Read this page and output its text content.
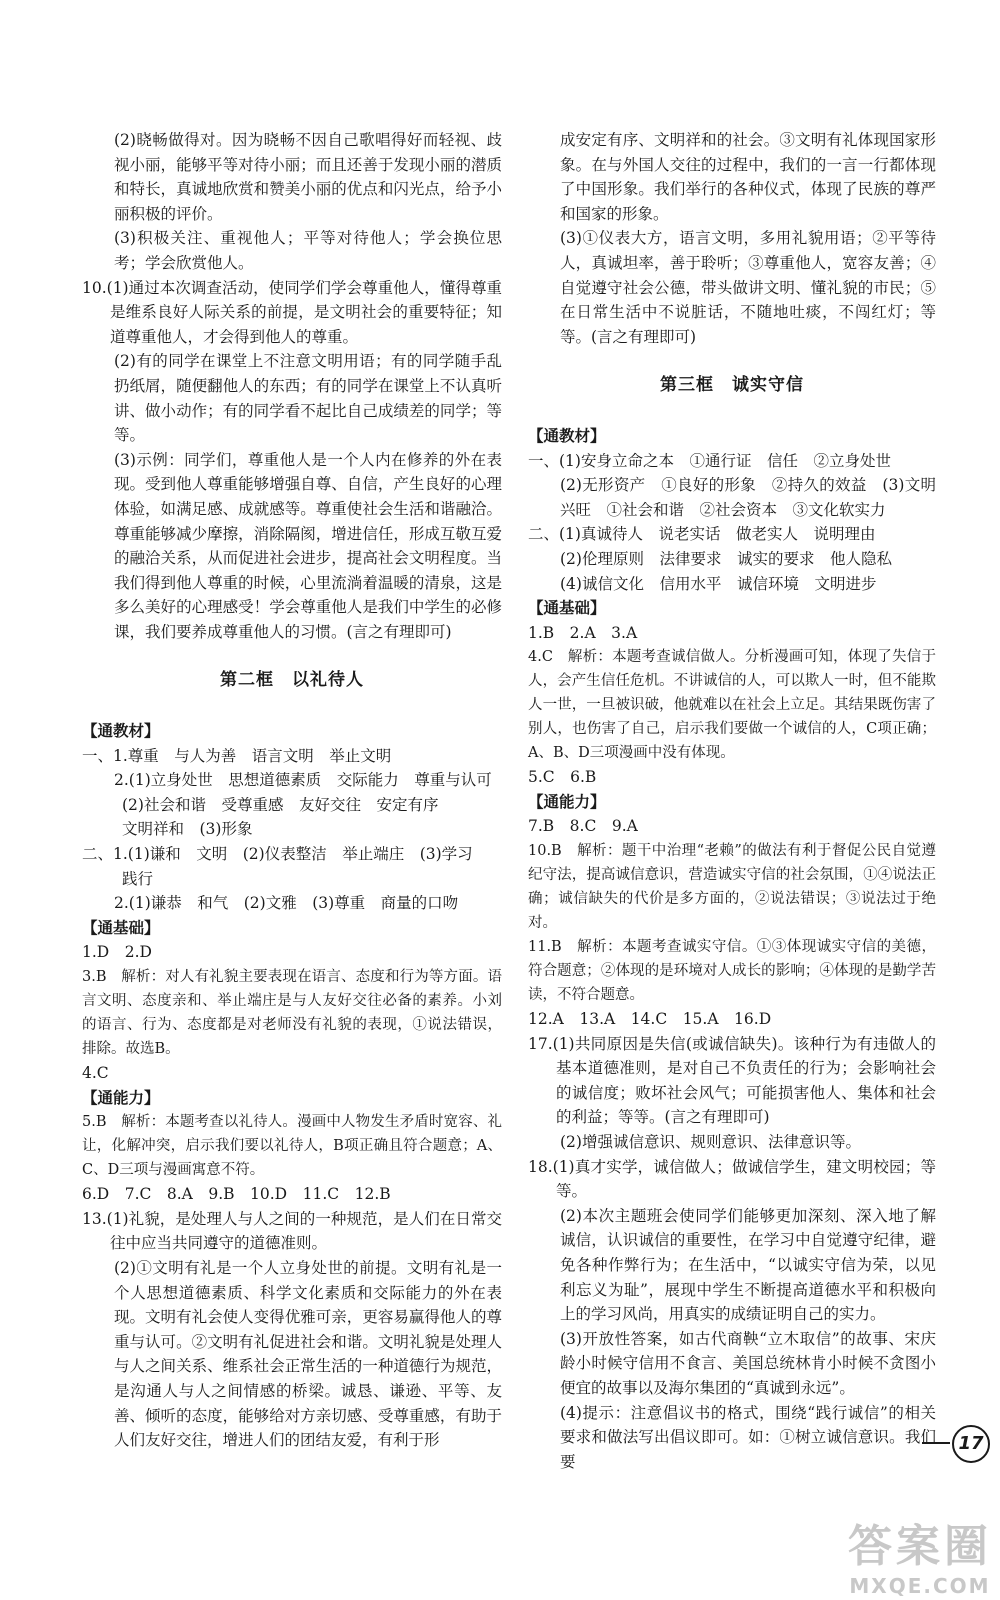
(2)晓畅做得对。因为晓畅不因自己歌唱得好而轻视、歧视小丽，能够平等对待小丽；而且还善于发现小丽的潜质和特长，真诚地欣赏和赞美小丽的优点和闪光点，给予小丽积极的评价。

(3)积极关注、重视他人；平等对待他人；学会换位思考；学会欣赏他人。

10.(1)通过本次调查活动，使同学们学会尊重他人，懂得尊重是维系良好人际关系的前提，是文明社会的重要特征；知道尊重他人，才会得到他人的尊重。

(2)有的同学在课堂上不注意文明用语；有的同学随手乱扔纸屑，随便翻他人的东西；有的同学在课堂上不认真听讲、做小动作；有的同学看不起比自己成绩差的同学；等等。

(3)示例：同学们，尊重他人是一个人内在修养的外在表现。受到他人尊重能够增强自尊、自信，产生良好的心理体验，如满足感、成就感等。尊重使社会生活和谐融洽。尊重能够减少摩擦，消除隔阂，增进信任，形成互敬互爱的融洽关系，从而促进社会进步，提高社会文明程度。当我们得到他人尊重的时候，心里流淌着温暖的清泉，这是多么美好的心理感受！学会尊重他人是我们中学生的必修课，我们要养成尊重他人的习惯。(言之有理即可)

第二框　以礼待人

【通教材】

一、1.尊重　与人为善　语言文明　举止文明

2.(1)立身处世　思想道德素质　交际能力　尊重与认可

(2)社会和谐　受尊重感　友好交往　安定有序

文明祥和　(3)形象

二、1.(1)谦和　文明　(2)仪表整洁　举止端庄　(3)学习

践行

2.(1)谦恭　和气　(2)文雅　(3)尊重　商量的口吻

【通基础】

1.D　2.D

3.B　解析：对人有礼貌主要表现在语言、态度和行为等方面。语言文明、态度亲和、举止端庄是与人友好交往必备的素养。小刘的语言、行为、态度都是对老师没有礼貌的表现，①说法错误，排除。故选B。

4.C

【通能力】

5.B　解析：本题考查以礼待人。漫画中人物发生矛盾时宽容、礼让，化解冲突，启示我们要以礼待人，B项正确且符合题意；A、C、D三项与漫画寓意不符。

6.D　7.C　8.A　9.B　10.D　11.C　12.B

13.(1)礼貌，是处理人与人之间的一种规范，是人们在日常交往中应当共同遵守的道德准则。

(2)①文明有礼是一个人立身处世的前提。文明有礼是一个人思想道德素质、科学文化素质和交际能力的外在表现。文明有礼会使人变得优雅可亲，更容易赢得他人的尊重与认可。②文明有礼促进社会和谐。文明礼貌是处理人与人之间关系、维系社会正常生活的一种道德行为规范，是沟通人与人之间情感的桥梁。诚恳、谦逊、平等、友善、倾听的态度，能够给对方亲切感、受尊重感，有助于人们友好交往，增进人们的团结友爱，有利于形

成安定有序、文明祥和的社会。③文明有礼体现国家形象。在与外国人交往的过程中，我们的一言一行都体现了中国形象。我们举行的各种仪式，体现了民族的尊严和国家的形象。

(3)①仪表大方，语言文明，多用礼貌用语；②平等待人，真诚坦率，善于聆听；③尊重他人，宽容友善；④自觉遵守社会公德，带头做讲文明、懂礼貌的市民；⑤在日常生活中不说脏话，不随地吐痰，不闯红灯；等等。(言之有理即可)

第三框　诚实守信

【通教材】

一、(1)安身立命之本　①通行证　信任　②立身处世

(2)无形资产　①良好的形象　②持久的效益　(3)文明　兴旺　①社会和谐　②社会资本　③文化软实力

二、(1)真诚待人　说老实话　做老实人　说明理由

(2)伦理原则　法律要求　诚实的要求　他人隐私

(4)诚信文化　信用水平　诚信环境　文明进步

【通基础】

1.B　2.A　3.A

4.C　解析：本题考查诚信做人。分析漫画可知，体现了失信于人，会产生信任危机。不讲诚信的人，可以欺人一时，但不能欺人一世，一旦被识破，他就难以在社会上立足。其结果既伤害了别人，也伤害了自己，启示我们要做一个诚信的人，C项正确；A、B、D三项漫画中没有体现。

5.C　6.B

【通能力】

7.B　8.C　9.A

10.B　解析：题干中治理“老赖”的做法有利于督促公民自觉遵纪守法，提高诚信意识，营造诚实守信的社会氛围，①④说法正确；诚信缺失的代价是多方面的，②说法错误；③说法过于绝对。

11.B　解析：本题考查诚实守信。①③体现诚实守信的美德，符合题意；②体现的是环境对人成长的影响；④体现的是勤学苦读，不符合题意。

12.A　13.A　14.C　15.A　16.D

17.(1)共同原因是失信(或诚信缺失)。该种行为有违做人的基本道德准则，是对自己不负责任的行为；会影响社会的诚信度；败坏社会风气；可能损害他人、集体和社会的利益；等等。(言之有理即可)

(2)增强诚信意识、规则意识、法律意识等。

18.(1)真才实学，诚信做人；做诚信学生，建文明校园；等等。

(2)本次主题班会使同学们能够更加深刻、深入地了解诚信，认识诚信的重要性，在学习中自觉遵守纪律，避免各种作弊行为；在生活中，“以诚实守信为荣，以见利忘义为耻”，展现中学生不断提高道德水平和积极向上的学习风尚，用真实的成绩证明自己的实力。

(3)开放性答案，如古代商鞅“立木取信”的故事、宋庆龄小时候守信用不食言、美国总统林肯小时候不贪图小便宜的故事以及海尔集团的“真诚到永远”。

(4)提示：注意倡议书的格式，围绕“践行诚信”的相关要求和做法写出倡议即可。如：①树立诚信意识。我们要

17
答案圈
MXQE.COM
